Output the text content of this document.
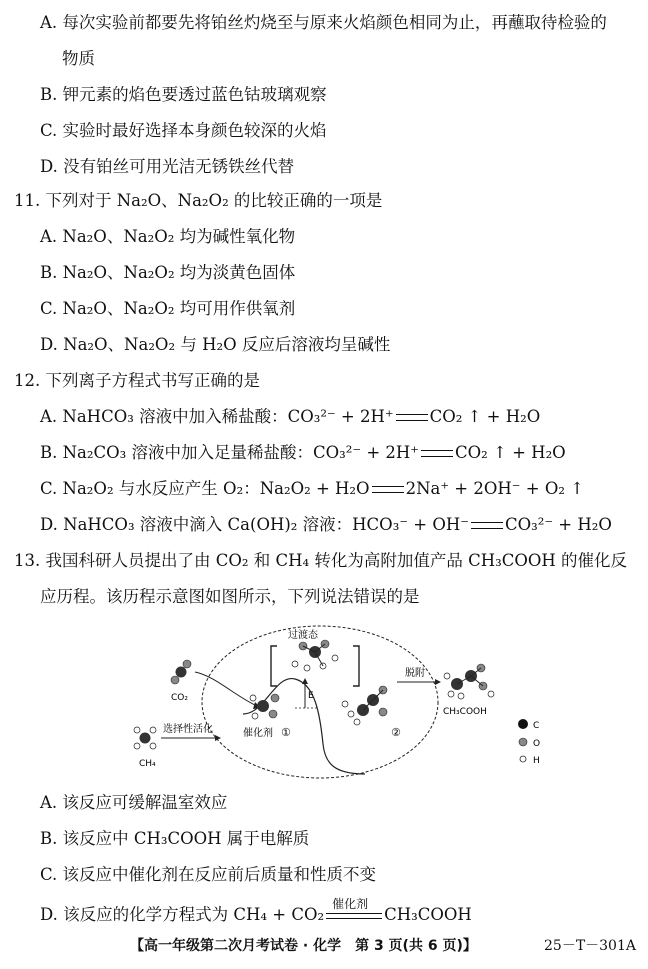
A. 每次实验前都要先将铂丝灼烧至与原来火焰颜色相同为止，再蘸取待检验的
物质
B. 钾元素的焰色要透过蓝色钴玻璃观察
C. 实验时最好选择本身颜色较深的火焰
D. 没有铂丝可用光洁无锈铁丝代替
11. 下列对于 Na₂O、Na₂O₂ 的比较正确的一项是
A. Na₂O、Na₂O₂ 均为碱性氧化物
B. Na₂O、Na₂O₂ 均为淡黄色固体
C. Na₂O、Na₂O₂ 均可用作供氧剂
D. Na₂O、Na₂O₂ 与 H₂O 反应后溶液均呈碱性
12. 下列离子方程式书写正确的是
A. NaHCO₃ 溶液中加入稀盐酸：CO₃²⁻ + 2H⁺ CO₂ ↑ + H₂O
B. Na₂CO₃ 溶液中加入足量稀盐酸：CO₃²⁻ + 2H⁺ CO₂ ↑ + H₂O
C. Na₂O₂ 与水反应产生 O₂：Na₂O₂ + H₂O 2Na⁺ + 2OH⁻ + O₂ ↑
D. NaHCO₃ 溶液中滴入 Ca(OH)₂ 溶液：HCO₃⁻ + OH⁻ CO₃²⁻ + H₂O
13. 我国科研人员提出了由 CO₂ 和 CH₄ 转化为高附加值产品 CH₃COOH 的催化反
应历程。该历程示意图如图所示，下列说法错误的是
过渡态
E
CO₂
催化剂 ①	②
脱附
CH₃COOH
CH₄
选择性活化	C
O
H
A. 该反应可缓解温室效应
B. 该反应中 CH₃COOH 属于电解质
C. 该反应中催化剂在反应前后质量和性质不变
D. 该反应的化学方程式为 CH₄ + CO₂
催化剂
CH₃COOH
【高一年级第二次月考试卷 · 化学　第 3 页(共 6 页)】	25－T－301A
